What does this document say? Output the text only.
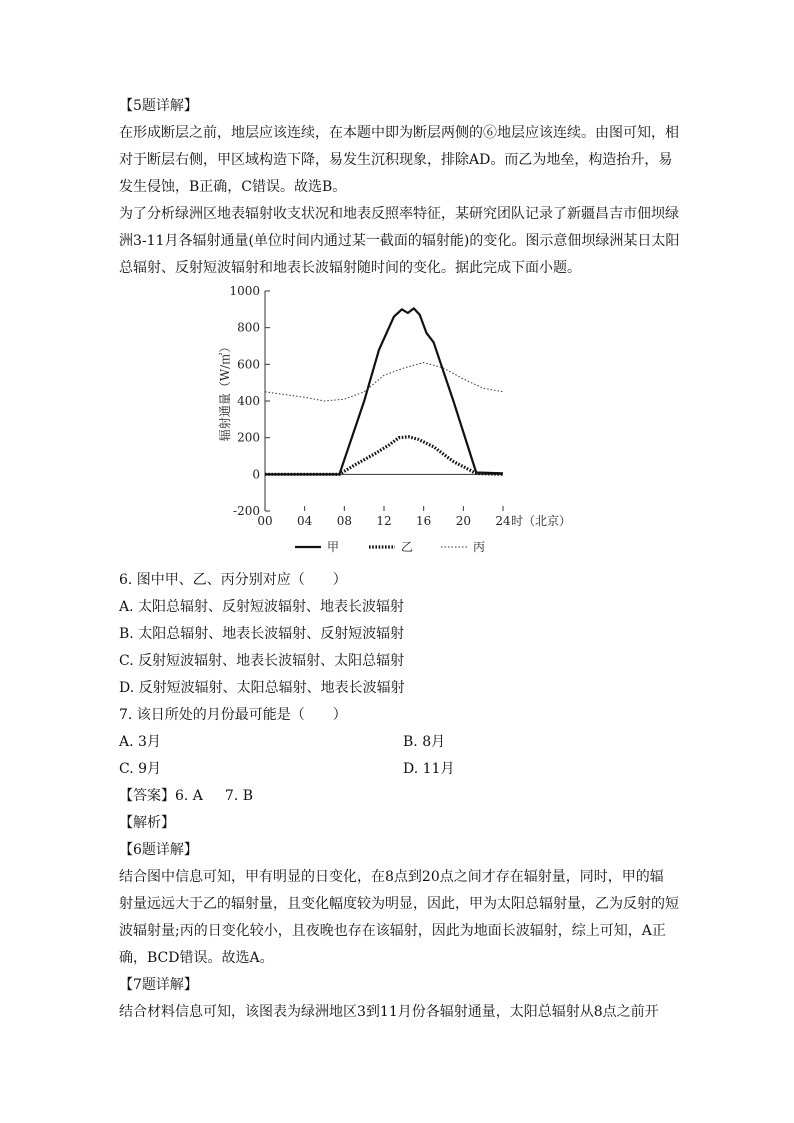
【5题详解】
在形成断层之前，地层应该连续，在本题中即为断层两侧的⑥地层应该连续。由图可知，相
对于断层右侧，甲区域构造下降，易发生沉积现象，排除AD。而乙为地垒，构造抬升，易
发生侵蚀，B正确，C错误。故选B。
为了分析绿洲区地表辐射收支状况和地表反照率特征，某研究团队记录了新疆昌吉市佃坝绿
洲3-11月各辐射通量(单位时间内通过某一截面的辐射能)的变化。图示意佃坝绿洲某日太阳
总辐射、反射短波辐射和地表长波辐射随时间的变化。据此完成下面小题。
1000
800
600
400
200
0
-200
00 04 08 12 16 20 24 时（北京）
辐射通量（W/㎡）
甲	乙	丙
6. 图中甲、乙、丙分别对应（　　）
A. 太阳总辐射、反射短波辐射、地表长波辐射
B. 太阳总辐射、地表长波辐射、反射短波辐射
C. 反射短波辐射、地表长波辐射、太阳总辐射
D. 反射短波辐射、太阳总辐射、地表长波辐射
7. 该日所处的月份最可能是（　　）
A. 3月	B. 8月
C. 9月	D. 11月
【答案】6. A 7. B
【解析】
【6题详解】
结合图中信息可知，甲有明显的日变化，在8点到20点之间才存在辐射量，同时，甲的辐
射量远远大于乙的辐射量，且变化幅度较为明显，因此，甲为太阳总辐射量，乙为反射的短
波辐射量;丙的日变化较小，且夜晚也存在该辐射，因此为地面长波辐射，综上可知，A正
确，BCD错误。故选A。
【7题详解】
结合材料信息可知，该图表为绿洲地区3到11月份各辐射通量，太阳总辐射从8点之前开
